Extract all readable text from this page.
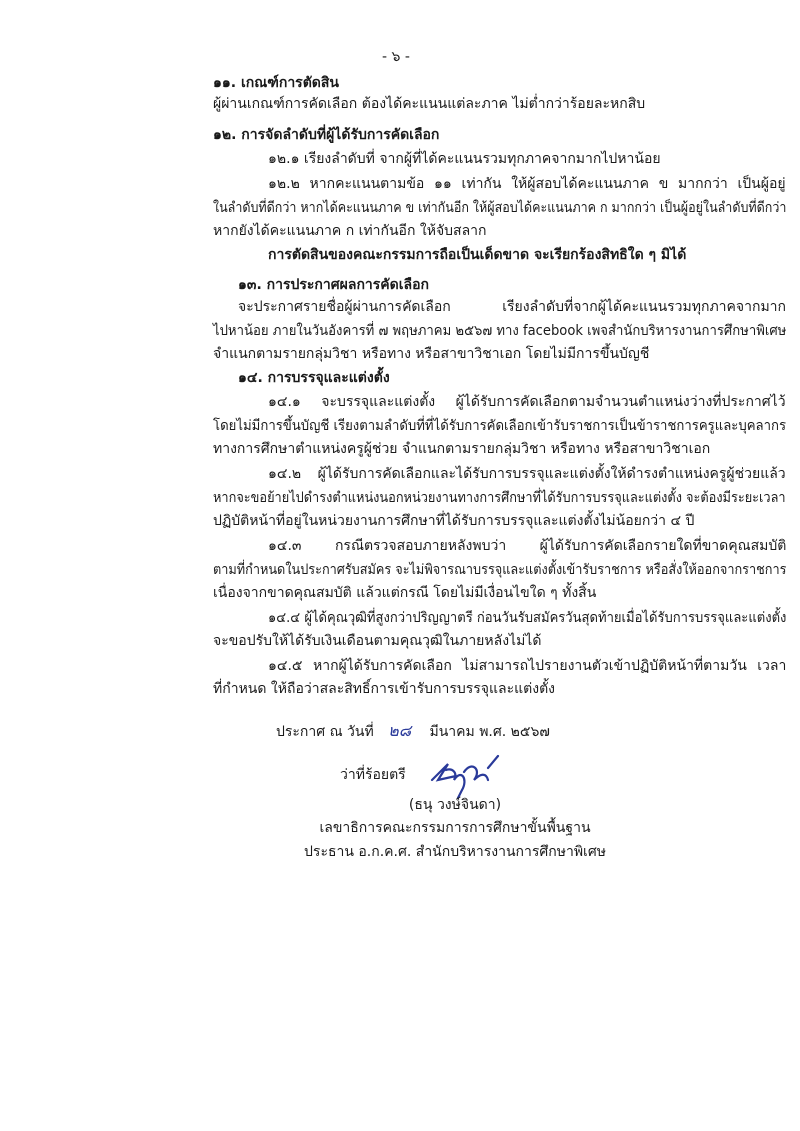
- ๖ -
๑๑. เกณฑ์การตัดสิน
ผู้ผ่านเกณฑ์การคัดเลือก ต้องได้คะแนนแต่ละภาค ไม่ต่ำกว่าร้อยละหกสิบ
๑๒. การจัดลำดับที่ผู้ได้รับการคัดเลือก
๑๒.๑ เรียงลำดับที่ จากผู้ที่ได้คะแนนรวมทุกภาคจากมากไปหาน้อย
๑๒.๒ หากคะแนนตามข้อ ๑๑ เท่ากัน ให้ผู้สอบได้คะแนนภาค ข มากกว่า เป็นผู้อยู่
ในลำดับที่ดีกว่า หากได้คะแนนภาค ข เท่ากันอีก ให้ผู้สอบได้คะแนนภาค ก มากกว่า เป็นผู้อยู่ในลำดับที่ดีกว่า
หากยังได้คะแนนภาค ก เท่ากันอีก ให้จับสลาก
การตัดสินของคณะกรรมการถือเป็นเด็ดขาด จะเรียกร้องสิทธิใด ๆ มิได้
๑๓. การประกาศผลการคัดเลือก
จะประกาศรายชื่อผู้ผ่านการคัดเลือก เรียงลำดับที่จากผู้ได้คะแนนรวมทุกภาคจากมาก
ไปหาน้อย ภายในวันอังคารที่ ๗ พฤษภาคม ๒๕๖๗ ทาง facebook เพจสำนักบริหารงานการศึกษาพิเศษ
จำแนกตามรายกลุ่มวิชา หรือทาง หรือสาขาวิชาเอก โดยไม่มีการขึ้นบัญชี
๑๔. การบรรจุและแต่งตั้ง
๑๔.๑ จะบรรจุและแต่งตั้ง ผู้ได้รับการคัดเลือกตามจำนวนตำแหน่งว่างที่ประกาศไว้
โดยไม่มีการขึ้นบัญชี เรียงตามลำดับที่ที่ได้รับการคัดเลือกเข้ารับราชการเป็นข้าราชการครูและบุคลากร
ทางการศึกษาตำแหน่งครูผู้ช่วย จำแนกตามรายกลุ่มวิชา หรือทาง หรือสาขาวิชาเอก
๑๔.๒ ผู้ได้รับการคัดเลือกและได้รับการบรรจุและแต่งตั้งให้ดำรงตำแหน่งครูผู้ช่วยแล้ว
หากจะขอย้ายไปดำรงตำแหน่งนอกหน่วยงานทางการศึกษาที่ได้รับการบรรจุและแต่งตั้ง จะต้องมีระยะเวลา
ปฏิบัติหน้าที่อยู่ในหน่วยงานการศึกษาที่ได้รับการบรรจุและแต่งตั้งไม่น้อยกว่า ๔ ปี
๑๔.๓ กรณีตรวจสอบภายหลังพบว่า ผู้ได้รับการคัดเลือกรายใดที่ขาดคุณสมบัติ
ตามที่กำหนดในประกาศรับสมัคร จะไม่พิจารณาบรรจุและแต่งตั้งเข้ารับราชการ หรือสั่งให้ออกจากราชการ
เนื่องจากขาดคุณสมบัติ แล้วแต่กรณี โดยไม่มีเงื่อนไขใด ๆ ทั้งสิ้น
๑๔.๔ ผู้ได้คุณวุฒิที่สูงกว่าปริญญาตรี ก่อนวันรับสมัครวันสุดท้ายเมื่อได้รับการบรรจุและแต่งตั้ง
จะขอปรับให้ได้รับเงินเดือนตามคุณวุฒิในภายหลังไม่ได้
๑๔.๕ หากผู้ได้รับการคัดเลือก ไม่สามารถไปรายงานตัวเข้าปฏิบัติหน้าที่ตามวัน เวลา
ที่กำหนด ให้ถือว่าสละสิทธิ์การเข้ารับการบรรจุและแต่งตั้ง
ประกาศ ณ วันที่ ๒๘ มีนาคม พ.ศ. ๒๕๖๗
ว่าที่ร้อยตรี
(ธนุ วงษ์จินดา)
เลขาธิการคณะกรรมการการศึกษาขั้นพื้นฐาน
ประธาน อ.ก.ค.ศ. สำนักบริหารงานการศึกษาพิเศษ
